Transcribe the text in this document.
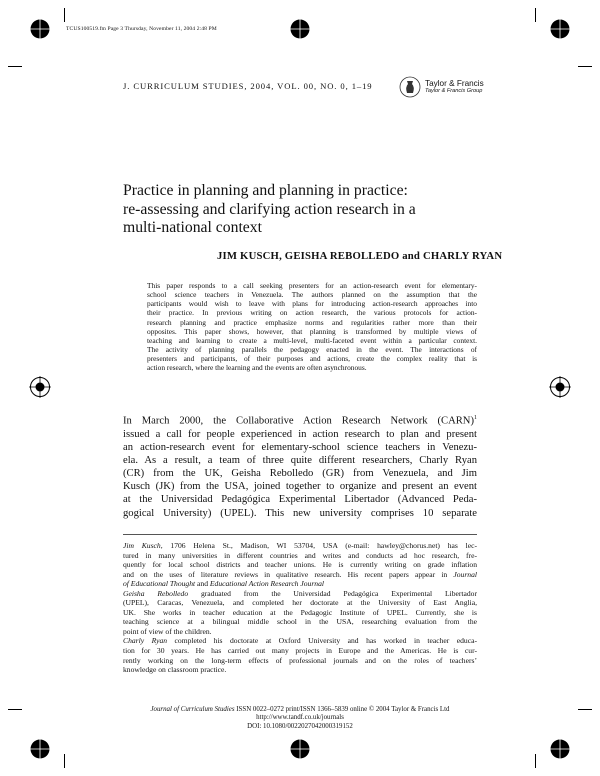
TCUS100519.fm Page 3 Thursday, November 11, 2004 2:48 PM
J. CURRICULUM STUDIES, 2004, VOL. 00, NO. 0, 1–19	Taylor & Francis
Taylor & Francis Group
Practice in planning and planning in practice:
re-assessing and clarifying action research in a
multi-national context
JIM KUSCH, GEISHA REBOLLEDO and CHARLY RYAN
This paper responds to a call seeking presenters for an action-research event for elementary-
school science teachers in Venezuela. The authors planned on the assumption that the
participants would wish to leave with plans for introducing action-research approaches into
their practice. In previous writing on action research, the various protocols for action-
research planning and practice emphasize norms and regularities rather more than their
opposites. This paper shows, however, that planning is transformed by multiple views of
teaching and learning to create a multi-level, multi-faceted event within a particular context.
The activity of planning parallels the pedagogy enacted in the event. The interactions of
presenters and participants, of their purposes and actions, create the complex reality that is
action research, where the learning and the events are often asynchronous.
In March 2000, the Collaborative Action Research Network (CARN)$^1$
issued a call for people experienced in action research to plan and present
an action-research event for elementary-school science teachers in Venezu-
ela. As a result, a team of three quite different researchers, Charly Ryan
(CR) from the UK, Geisha Rebolledo (GR) from Venezuela, and Jim
Kusch (JK) from the USA, joined together to organize and present an event
at the Universidad Pedagógica Experimental Libertador (Advanced Peda-
gogical University) (UPEL). This new university comprises 10 separate
Jim Kusch, 1706 Helena St., Madison, WI 53704, USA (e-mail: hawley@chorus.net) has lec-
tured in many universities in different countries and writes and conducts ad hoc research, fre-
quently for local school districts and teacher unions. He is currently writing on grade inflation
and on the uses of literature reviews in qualitative research. His recent papers appear in Journal
of Educational Thought and Educational Action Research Journal
Geisha Rebolledo graduated from the Universidad Pedagógica Experimental Libertador
(UPEL), Caracas, Venezuela, and completed her doctorate at the University of East Anglia,
UK. She works in teacher education at the Pedagogic Institute of UPEL. Currently, she is
teaching science at a bilingual middle school in the USA, researching evaluation from the
point of view of the children.
Charly Ryan completed his doctorate at Oxford University and has worked in teacher educa-
tion for 30 years. He has carried out many projects in Europe and the Americas. He is cur-
rently working on the long-term effects of professional journals and on the roles of teachers’
knowledge on classroom practice.
Journal of Curriculum Studies ISSN 0022–0272 print/ISSN 1366–5839 online © 2004 Taylor & Francis Ltd
http://www.tandf.co.uk/journals
DOI: 10.1080/0022027042000319152
